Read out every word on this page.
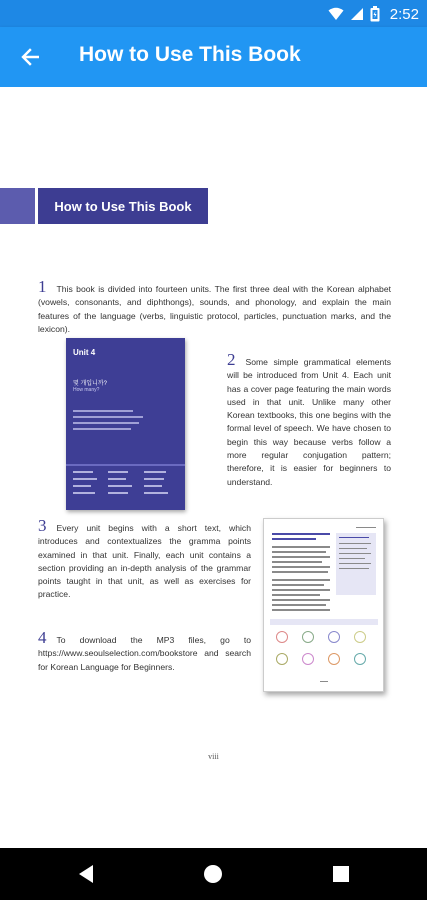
2:52
How to Use This Book
How to Use This Book

1 This book is divided into fourteen units. The first three deal with the Korean alphabet (vowels, consonants, and diphthongs), sounds, and phonology, and explain the main features of the language (verbs, linguistic protocol, particles, punctuation marks, and the lexicon).

Unit 4
몇 개입니까?
How many?

2 Some simple grammatical elements will be introduced from Unit 4. Each unit has a cover page featuring the main words used in that unit. Unlike many other Korean textbooks, this one begins with the formal level of speech. We have chosen to begin this way because verbs follow a more regular conjugation pattern; therefore, it is easier for beginners to understand.

3 Every unit begins with a short text, which introduces and contextualizes the gramma points examined in that unit. Finally, each unit contains a section providing an in-depth analysis of the grammar points taught in that unit, as well as exercises for practice.

4 To download the MP3 files, go to https://www.seoulselection.com/bookstore and search for Korean Language for Beginners.

viii
